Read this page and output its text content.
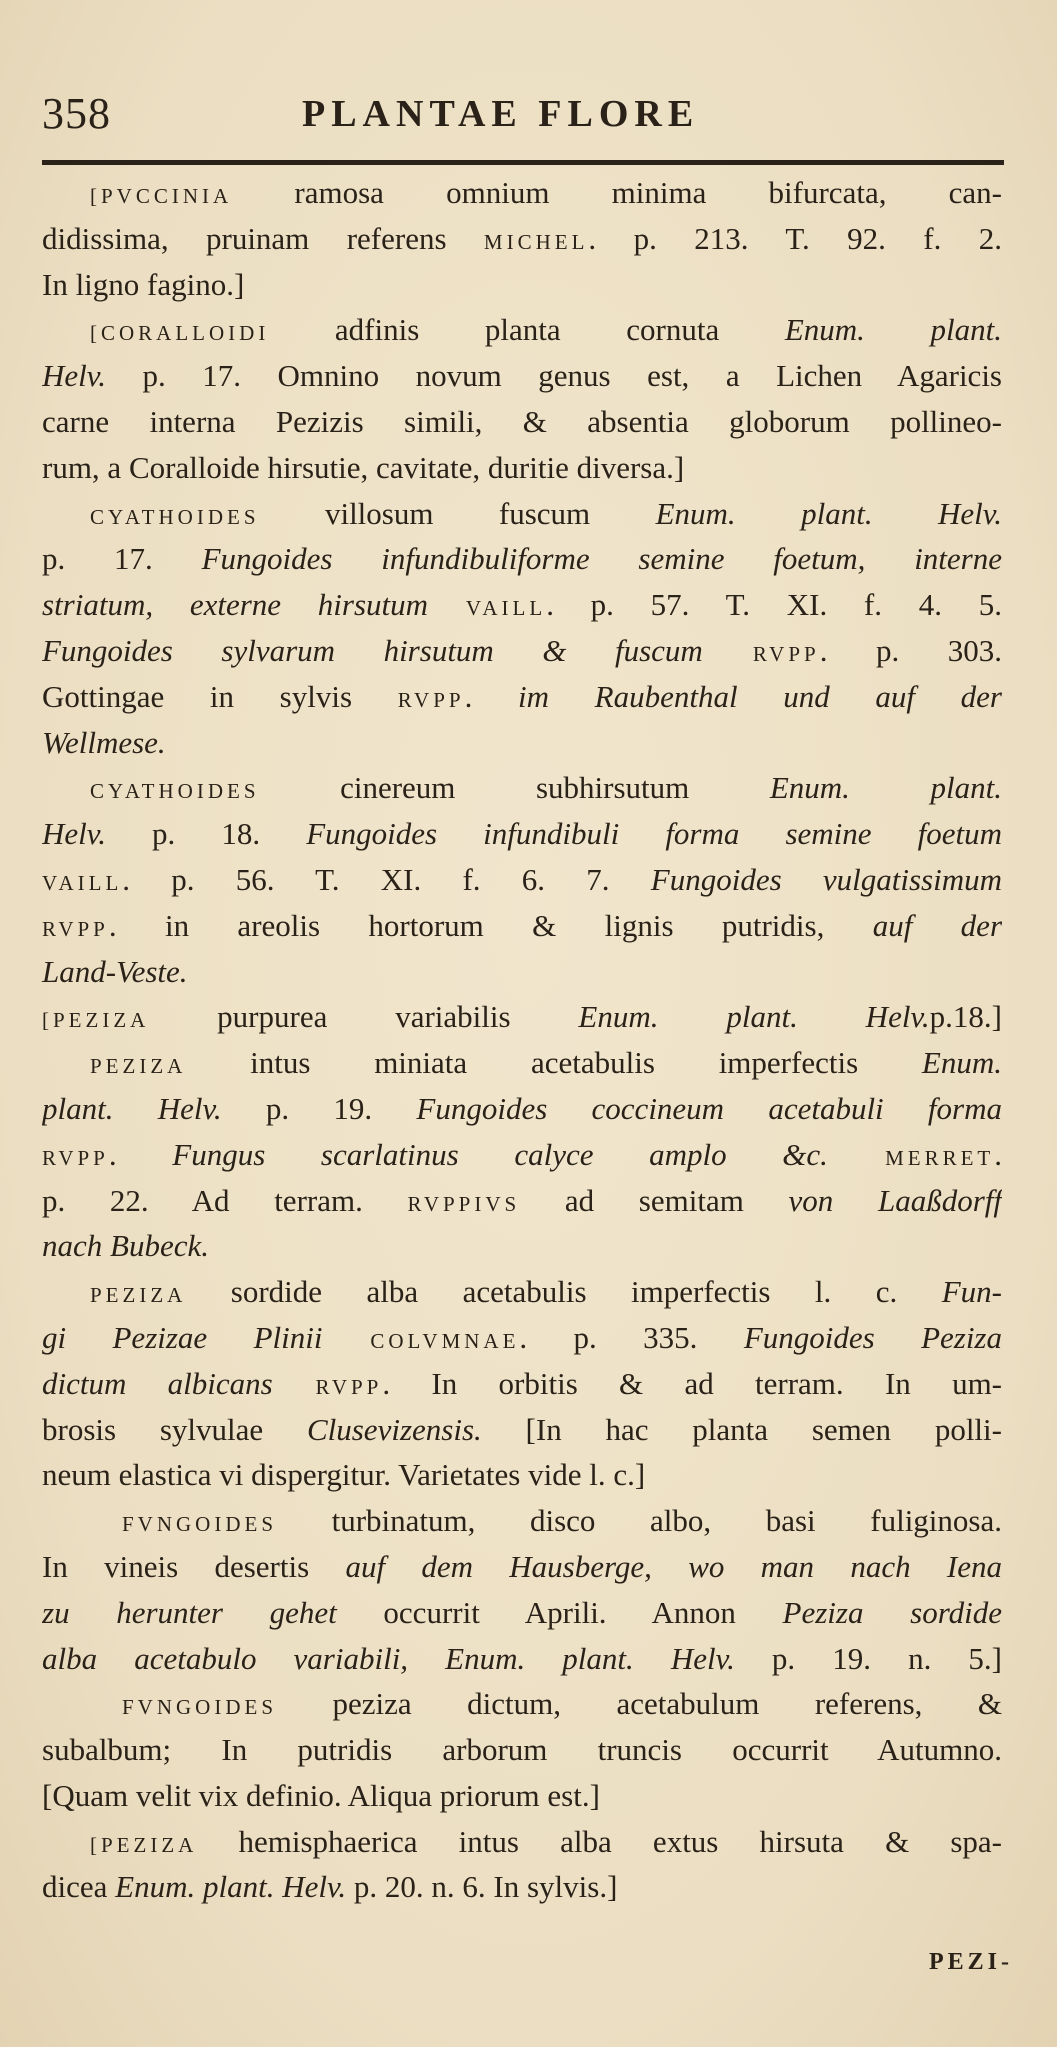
358	PLANTAE FLORE
[PVCCINIA ramosa omnium minima bifurcata, can-
didissima, pruinam referens MICHEL. p. 213. T. 92. f. 2.
In ligno fagino.]
[CORALLOIDI adfinis planta cornuta Enum. plant.
Helv. p. 17. Omnino novum genus est, a Lichen Agaricis
carne interna Pezizis simili, & absentia globorum pollineo-
rum, a Coralloide hirsutie, cavitate, duritie diversa.]
CYATHOIDES villosum fuscum Enum. plant. Helv.
p. 17. Fungoides infundibuliforme semine foetum, interne
striatum, externe hirsutum VAILL. p. 57. T. XI. f. 4. 5.
Fungoides sylvarum hirsutum & fuscum RVPP. p. 303.
Gottingae in sylvis RVPP. im Raubenthal und auf der
Wellmese.
CYATHOIDES cinereum subhirsutum Enum. plant.
Helv. p. 18. Fungoides infundibuli forma semine foetum
VAILL. p. 56. T. XI. f. 6. 7. Fungoides vulgatissimum
RVPP. in areolis hortorum & lignis putridis, auf der
Land-Veste.
[PEZIZA purpurea variabilis Enum. plant. Helv.p.18.]
PEZIZA intus miniata acetabulis imperfectis Enum.
plant. Helv. p. 19. Fungoides coccineum acetabuli forma
RVPP. Fungus scarlatinus calyce amplo &c. MERRET.
p. 22. Ad terram. RVPPIVS ad semitam von Laaßdorff
nach Bubeck.
PEZIZA sordide alba acetabulis imperfectis l. c. Fun-
gi Pezizae Plinii COLVMNAE. p. 335. Fungoides Peziza
dictum albicans RVPP. In orbitis & ad terram. In um-
brosis sylvulae Clusevizensis. [In hac planta semen polli-
neum elastica vi dispergitur. Varietates vide l. c.]
FVNGOIDES turbinatum, disco albo, basi fuliginosa.
In vineis desertis auf dem Hausberge, wo man nach Iena
zu herunter gehet occurrit Aprili. Annon Peziza sordide
alba acetabulo variabili, Enum. plant. Helv. p. 19. n. 5.]
FVNGOIDES peziza dictum, acetabulum referens, &
subalbum; In putridis arborum truncis occurrit Autumno.
[Quam velit vix definio. Aliqua priorum est.]
[PEZIZA hemisphaerica intus alba extus hirsuta & spa-
dicea Enum. plant. Helv. p. 20. n. 6. In sylvis.]
PEZI-
